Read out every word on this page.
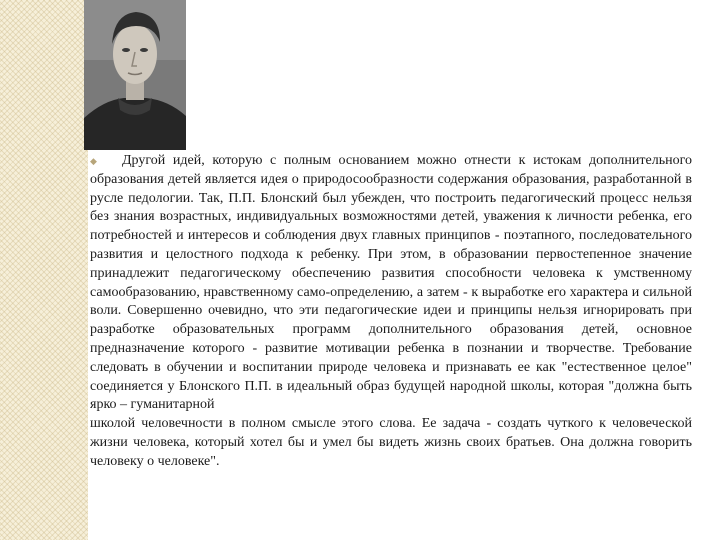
◆	Другой идей, которую с полным основанием можно отнести к истокам дополнительного образования детей является идея о природосообразности содержания образования, разработанной в русле педологии. Так, П.П. Блонский был убежден, что построить педагогический процесс нельзя без знания возрастных, индивидуальных возможностями детей, уважения к личности ребенка, его потребностей и интересов и соблюдения двух главных принципов - поэтапного, последовательного развития и целостного подхода к ребенку. При этом, в образовании первостепенное значение принадлежит педагогическому обеспечению развития способности человека к умственному самообразованию, нравственному само-определению, а затем - к выработке его характера и сильной воли. Совершенно очевидно, что эти педагогические идеи и принципы нельзя игнорировать при разработке образовательных программ дополнительного образования детей, основное предназначение которого - развитие мотивации ребенка в познании и творчестве. Требование следовать в обучении и воспитании природе человека и признавать ее как "естественное целое" соединяется у Блонского П.П. в идеальный образ будущей народной школы, которая "должна быть ярко – гуманитарной

школой человечности в полном смысле этого слова. Ее задача - создать чуткого к человеческой жизни человека, который хотел бы и умел бы видеть жизнь своих братьев. Она должна говорить человеку о человеке".
